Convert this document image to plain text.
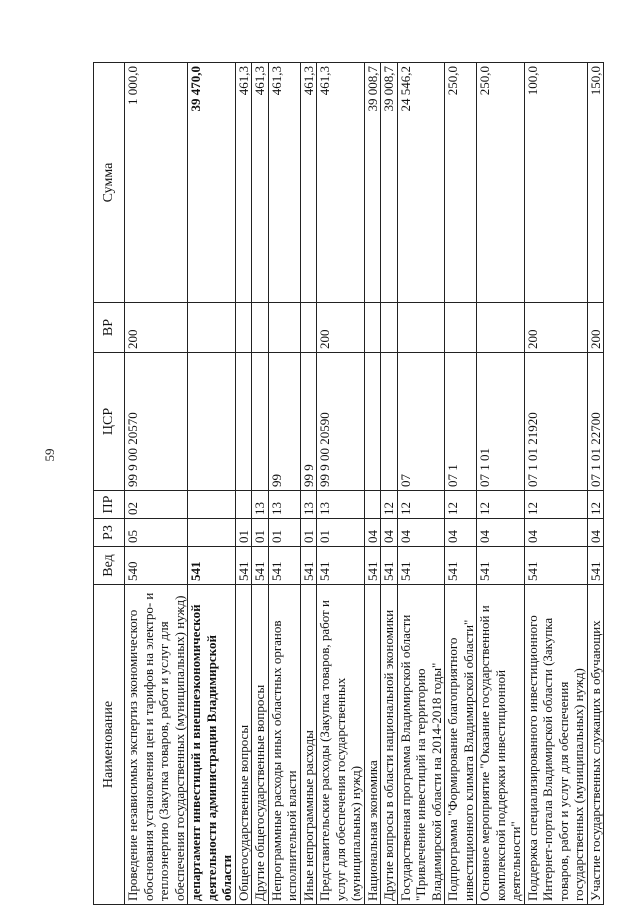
59
Наименование	Вед	РЗ	ПР	ЦСР	ВР	Сумма
Проведение независимых экспертиз экономического обоснования установления цен и тарифов на электро- и теплоэнергию (Закупка товаров, работ и услуг для обеспечения государственных (муниципальных) нужд)	540	05	02	99 9 00 20570	200	1 000,0
департамент инвестиций и внешнеэкономической деятельности администрации Владимирской области	541					39 470,0
Общегосударственные вопросы	541	01				461,3
Другие общегосударственные вопросы	541	01	13			461,3
Непрограммные расходы иных областных органов исполнительной власти	541	01	13	99		461,3
Иные непрограммные расходы	541	01	13	99 9		461,3
Представительские расходы (Закупка товаров, работ и услуг для обеспечения государственных (муниципальных) нужд)	541	01	13	99 9 00 20590	200	461,3
Национальная экономика	541	04				39 008,7
Другие вопросы в области национальной экономики	541	04	12			39 008,7
Государственная программа Владимирской области "Привлечение инвестиций на территорию Владимирской области на 2014-2018 годы"	541	04	12	07		24 546,2
Подпрограмма "Формирование благоприятного инвестиционного климата Владимирской области"	541	04	12	07 1		250,0
Основное мероприятие "Оказание государственной и комплексной поддержки инвестиционной деятельности"	541	04	12	07 1 01		250,0
Поддержка специализированного инвестиционного Интернет-портала Владимирской области (Закупка товаров, работ и услуг для обеспечения государственных (муниципальных) нужд)	541	04	12	07 1 01 21920	200	100,0
Участие государственных служащих в обучающих	541	04	12	07 1 01 22700	200	150,0
